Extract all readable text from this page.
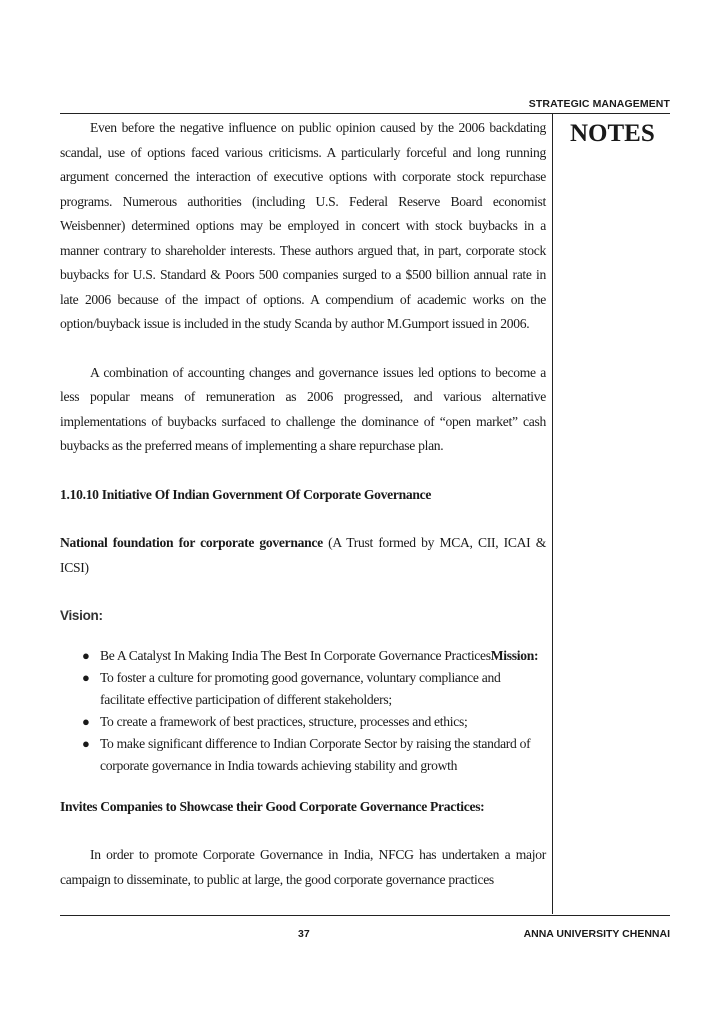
STRATEGIC MANAGEMENT
NOTES

Even before the negative influence on public opinion caused by the 2006 backdating scandal, use of options faced various criticisms. A particularly forceful and long running argument concerned the interaction of executive options with corporate stock repurchase programs. Numerous authorities (including U.S. Federal Reserve Board economist Weisbenner) determined options may be employed in concert with stock buybacks in a manner contrary to shareholder interests. These authors argued that, in part, corporate stock buybacks for U.S. Standard & Poors 500 companies surged to a $500 billion annual rate in late 2006 because of the impact of options. A compendium of academic works on the option/buyback issue is included in the study Scanda by author M.Gumport issued in 2006.

A combination of accounting changes and governance issues led options to become a less popular means of remuneration as 2006 progressed, and various alternative implementations of buybacks surfaced to challenge the dominance of “open market” cash buybacks as the preferred means of implementing a share repurchase plan.

1.10.10 Initiative Of Indian Government Of Corporate Governance

National foundation for corporate governance (A Trust formed by MCA, CII, ICAI & ICSI)

Vision:

● Be A Catalyst In Making India The Best In Corporate Governance PracticesMission:
● To foster a culture for promoting good governance, voluntary compliance and facilitate effective participation of different stakeholders;
● To create a framework of best practices, structure, processes and ethics;
● To make significant difference to Indian Corporate Sector by raising the standard of corporate governance in India towards achieving stability and growth

Invites Companies to Showcase their Good Corporate Governance Practices:

In order to promote Corporate Governance in India, NFCG has undertaken a major campaign to disseminate, to public at large, the good corporate governance practices

37	ANNA UNIVERSITY CHENNAI
